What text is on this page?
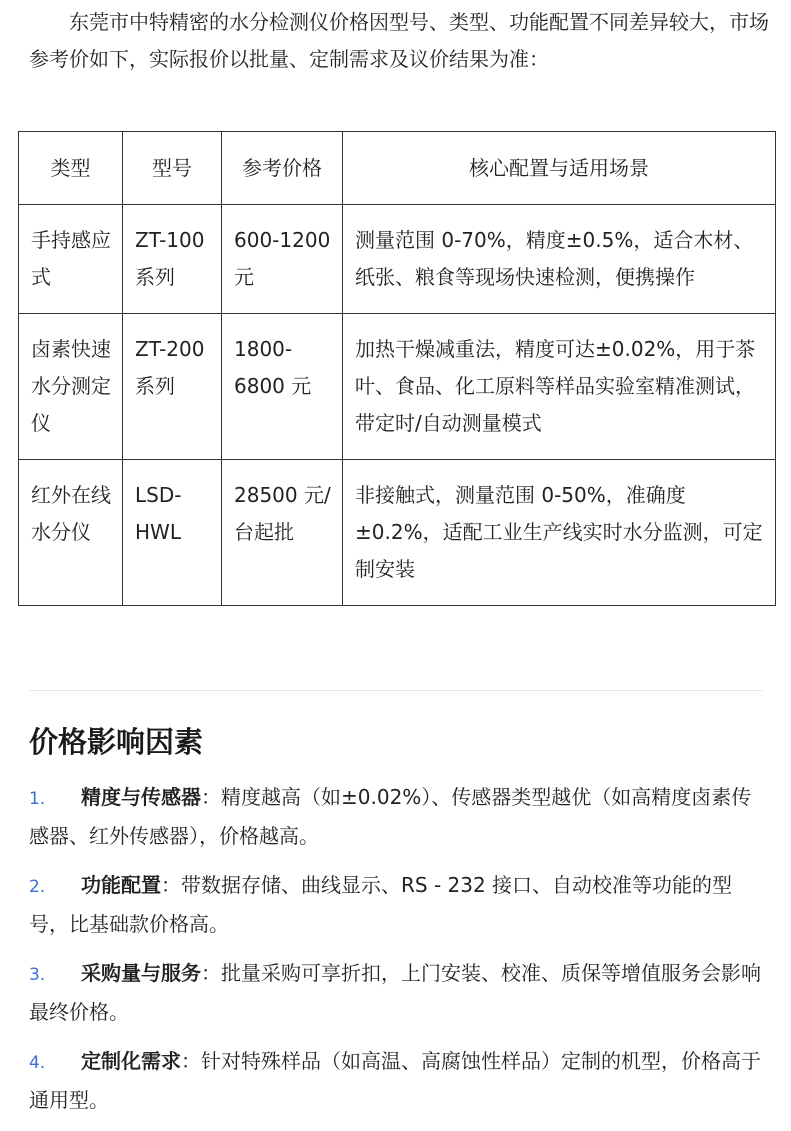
东莞市中特精密的水分检测仪价格因型号、类型、功能配置不同差异较大，市场参考价如下，实际报价以批量、定制需求及议价结果为准：

类型	型号	参考价格	核心配置与适用场景
手持感应式	ZT-100 系列	600-1200 元	测量范围 0-70%，精度±0.5%，适合木材、纸张、粮食等现场快速检测，便携操作
卤素快速水分测定仪	ZT-200 系列	1800-6800 元	加热干燥减重法，精度可达±0.02%，用于茶叶、食品、化工原料等样品实验室精准测试，带定时/自动测量模式
红外在线水分仪	LSD-HWL	28500 元/台起批	非接触式，测量范围 0-50%，准确度±0.2%，适配工业生产线实时水分监测，可定制安装
价格影响因素
1. 精度与传感器：精度越高（如±0.02%）、传感器类型越优（如高精度卤素传感器、红外传感器），价格越高。
2. 功能配置：带数据存储、曲线显示、RS - 232 接口、自动校准等功能的型号，比基础款价格高。
3. 采购量与服务：批量采购可享折扣，上门安装、校准、质保等增值服务会影响最终价格。
4. 定制化需求：针对特殊样品（如高温、高腐蚀性样品）定制的机型，价格高于通用型。
